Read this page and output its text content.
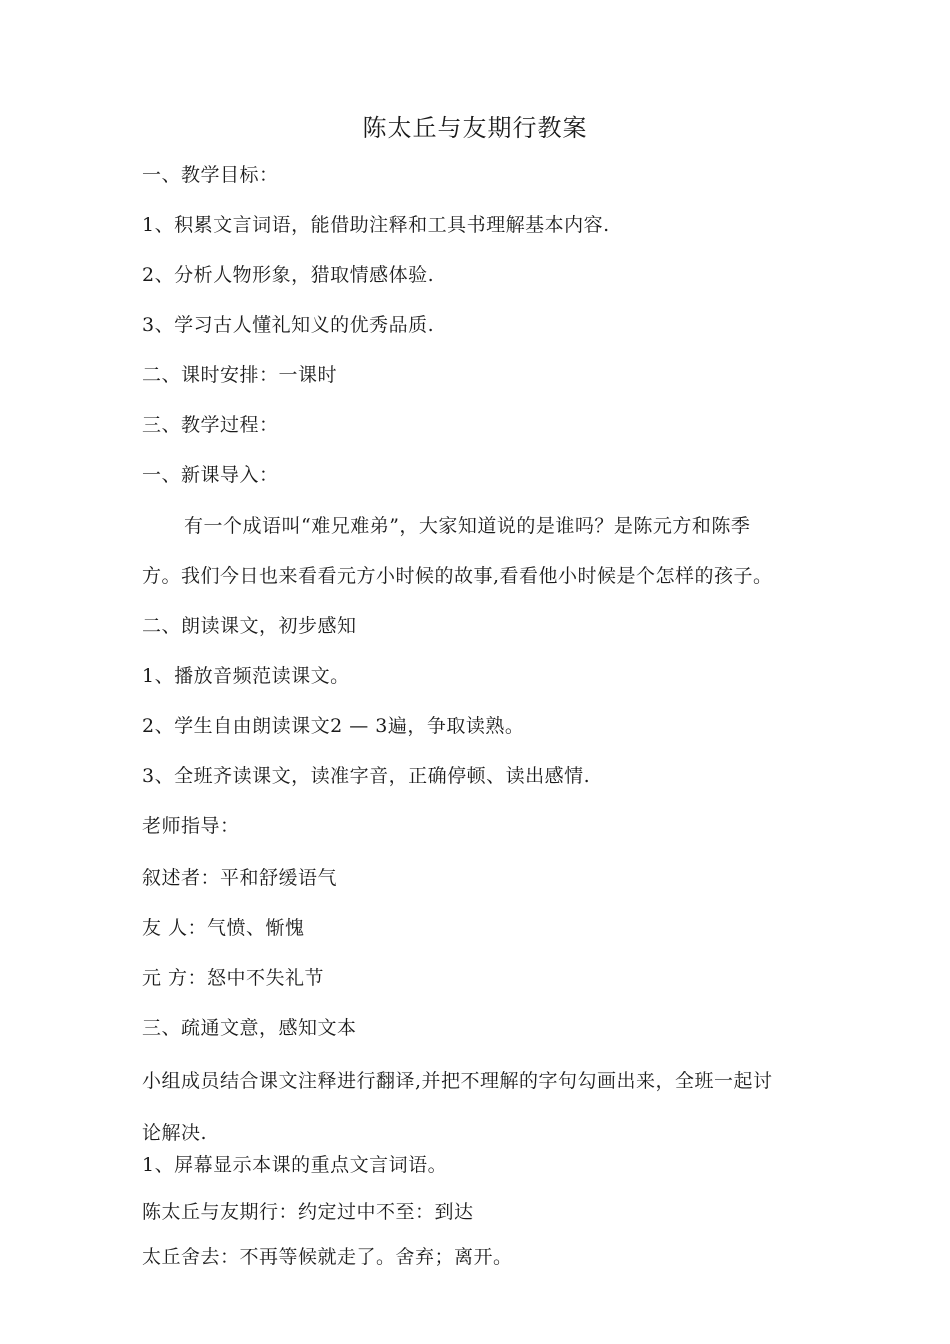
陈太丘与友期行教案
一、教学目标：
1、积累文言词语，能借助注释和工具书理解基本内容.
2、分析人物形象，猎取情感体验.
3、学习古人懂礼知义的优秀品质.
二、课时安排：一课时
三、教学过程：
一、新课导入：
有一个成语叫“难兄难弟”，大家知道说的是谁吗？是陈元方和陈季
方。我们今日也来看看元方小时候的故事,看看他小时候是个怎样的孩子。
二、朗读课文，初步感知
1、播放音频范读课文。
2、学生自由朗读课文2 — 3遍，争取读熟。
3、全班齐读课文，读准字音，正确停顿、读出感情.
老师指导：
叙述者：平和舒缓语气
友 人：气愤、惭愧
元 方：怒中不失礼节
三、疏通文意，感知文本
小组成员结合课文注释进行翻译,并把不理解的字句勾画出来，全班一起讨
论解决.
1、屏幕显示本课的重点文言词语。
陈太丘与友期行：约定过中不至：到达
太丘舍去：不再等候就走了。舍弃；离开。
